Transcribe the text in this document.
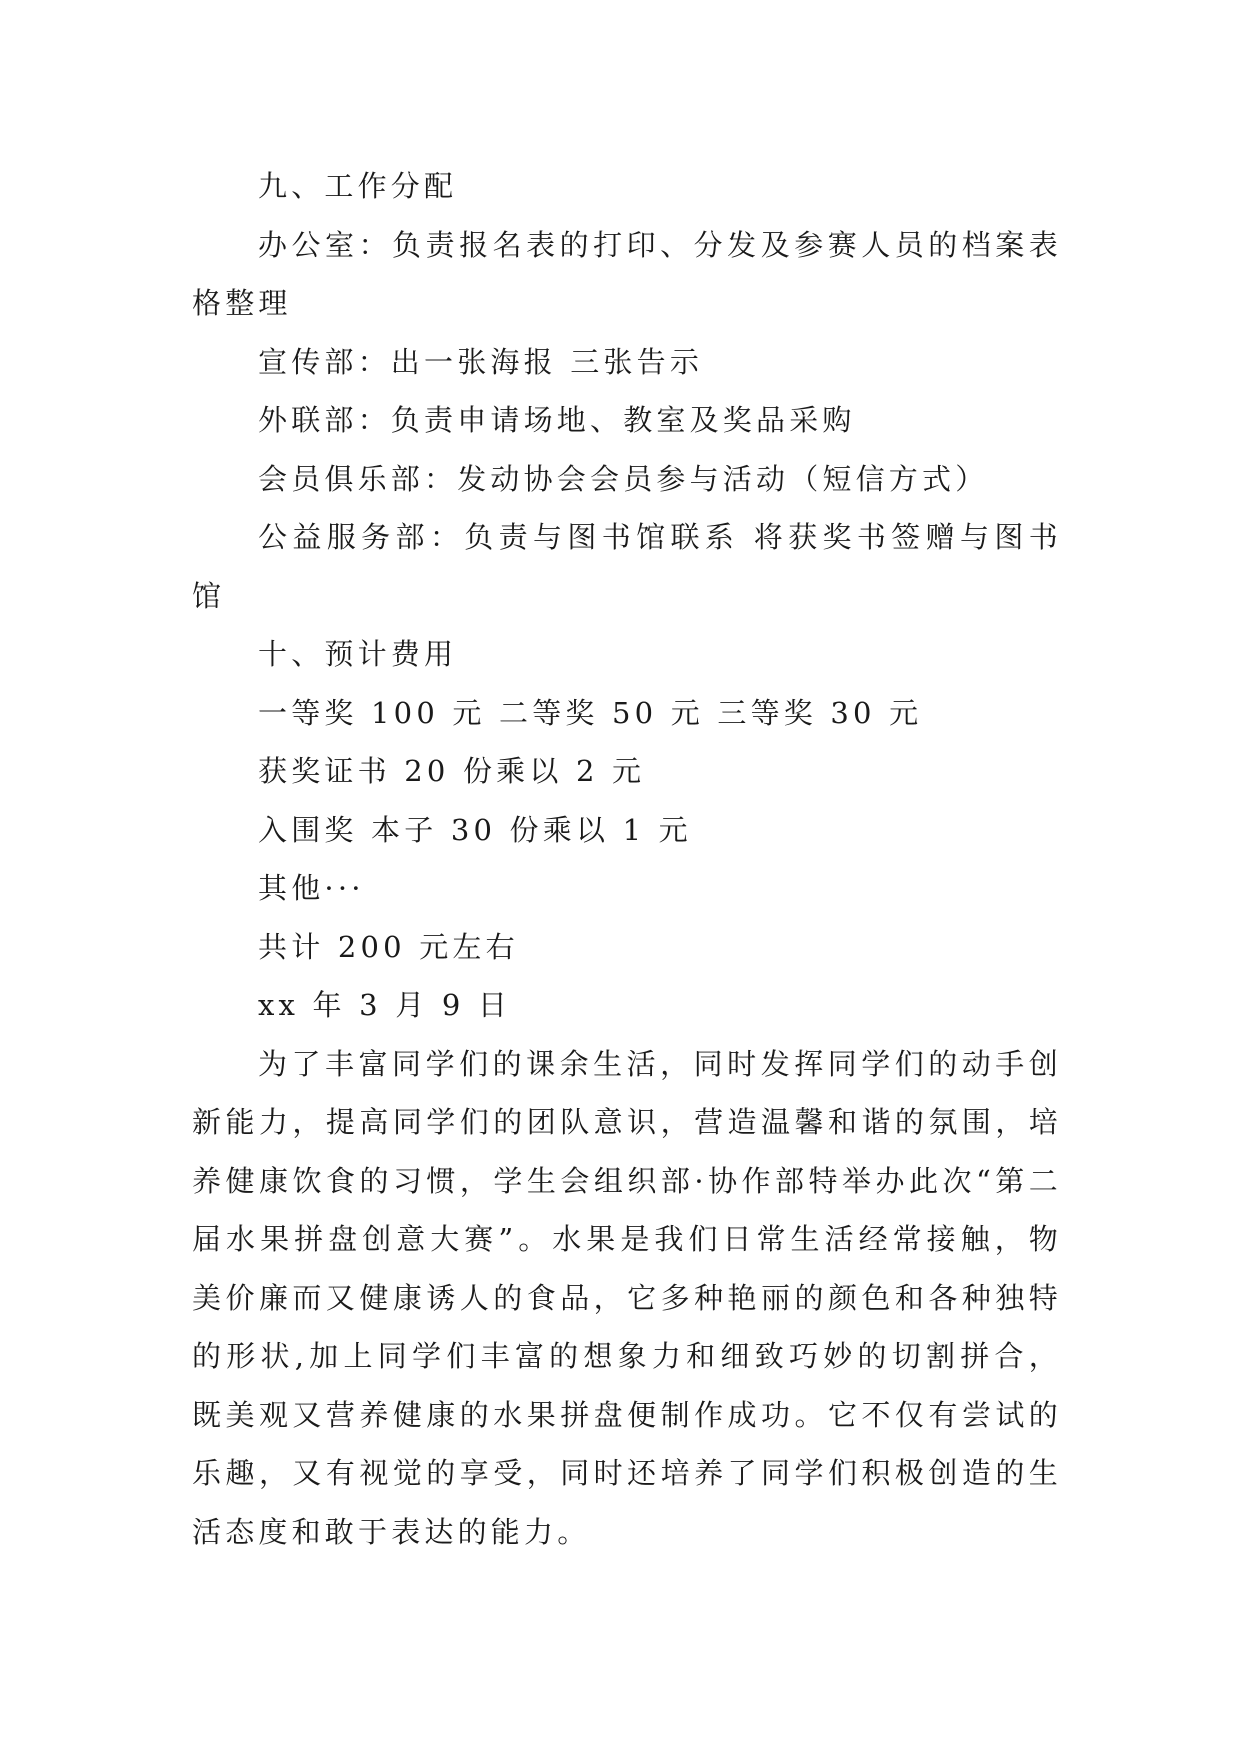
九、工作分配

办公室：负责报名表的打印、分发及参赛人员的档案表格整理

宣传部：出一张海报 三张告示

外联部：负责申请场地、教室及奖品采购

会员俱乐部：发动协会会员参与活动（短信方式）

公益服务部：负责与图书馆联系 将获奖书签赠与图书馆

十、预计费用

一等奖 100 元 二等奖 50 元 三等奖 30 元

获奖证书 20 份乘以 2 元

入围奖 本子 30 份乘以 1 元

其他···

共计 200 元左右

xx 年 3 月 9 日

为了丰富同学们的课余生活，同时发挥同学们的动手创新能力，提高同学们的团队意识，营造温馨和谐的氛围，培养健康饮食的习惯，学生会组织部·协作部特举办此次“第二届水果拼盘创意大赛”。水果是我们日常生活经常接触，物美价廉而又健康诱人的食品，它多种艳丽的颜色和各种独特的形状,加上同学们丰富的想象力和细致巧妙的切割拼合，既美观又营养健康的水果拼盘便制作成功。它不仅有尝试的乐趣，又有视觉的享受，同时还培养了同学们积极创造的生活态度和敢于表达的能力。
